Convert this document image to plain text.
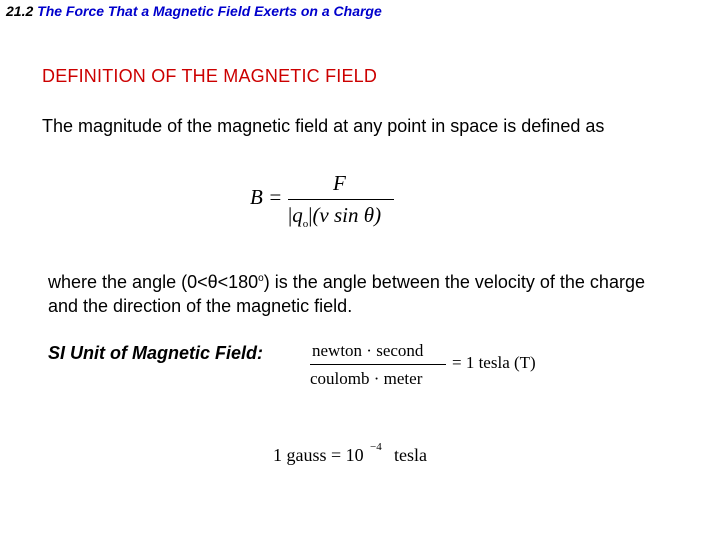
21.2 The Force That a Magnetic Field Exerts on a Charge
DEFINITION OF THE MAGNETIC FIELD
The magnitude of the magnetic field at any point in space is defined as
B =
F
$|q_o|(v$ sin θ)
where the angle $(0<\theta<180^o)$ is the angle between the velocity of the charge and the direction of the magnetic field.
SI Unit of Magnetic Field:	newton · second
coulomb · meter
= 1 tesla (T)
1 gauss = 10 −4 tesla
